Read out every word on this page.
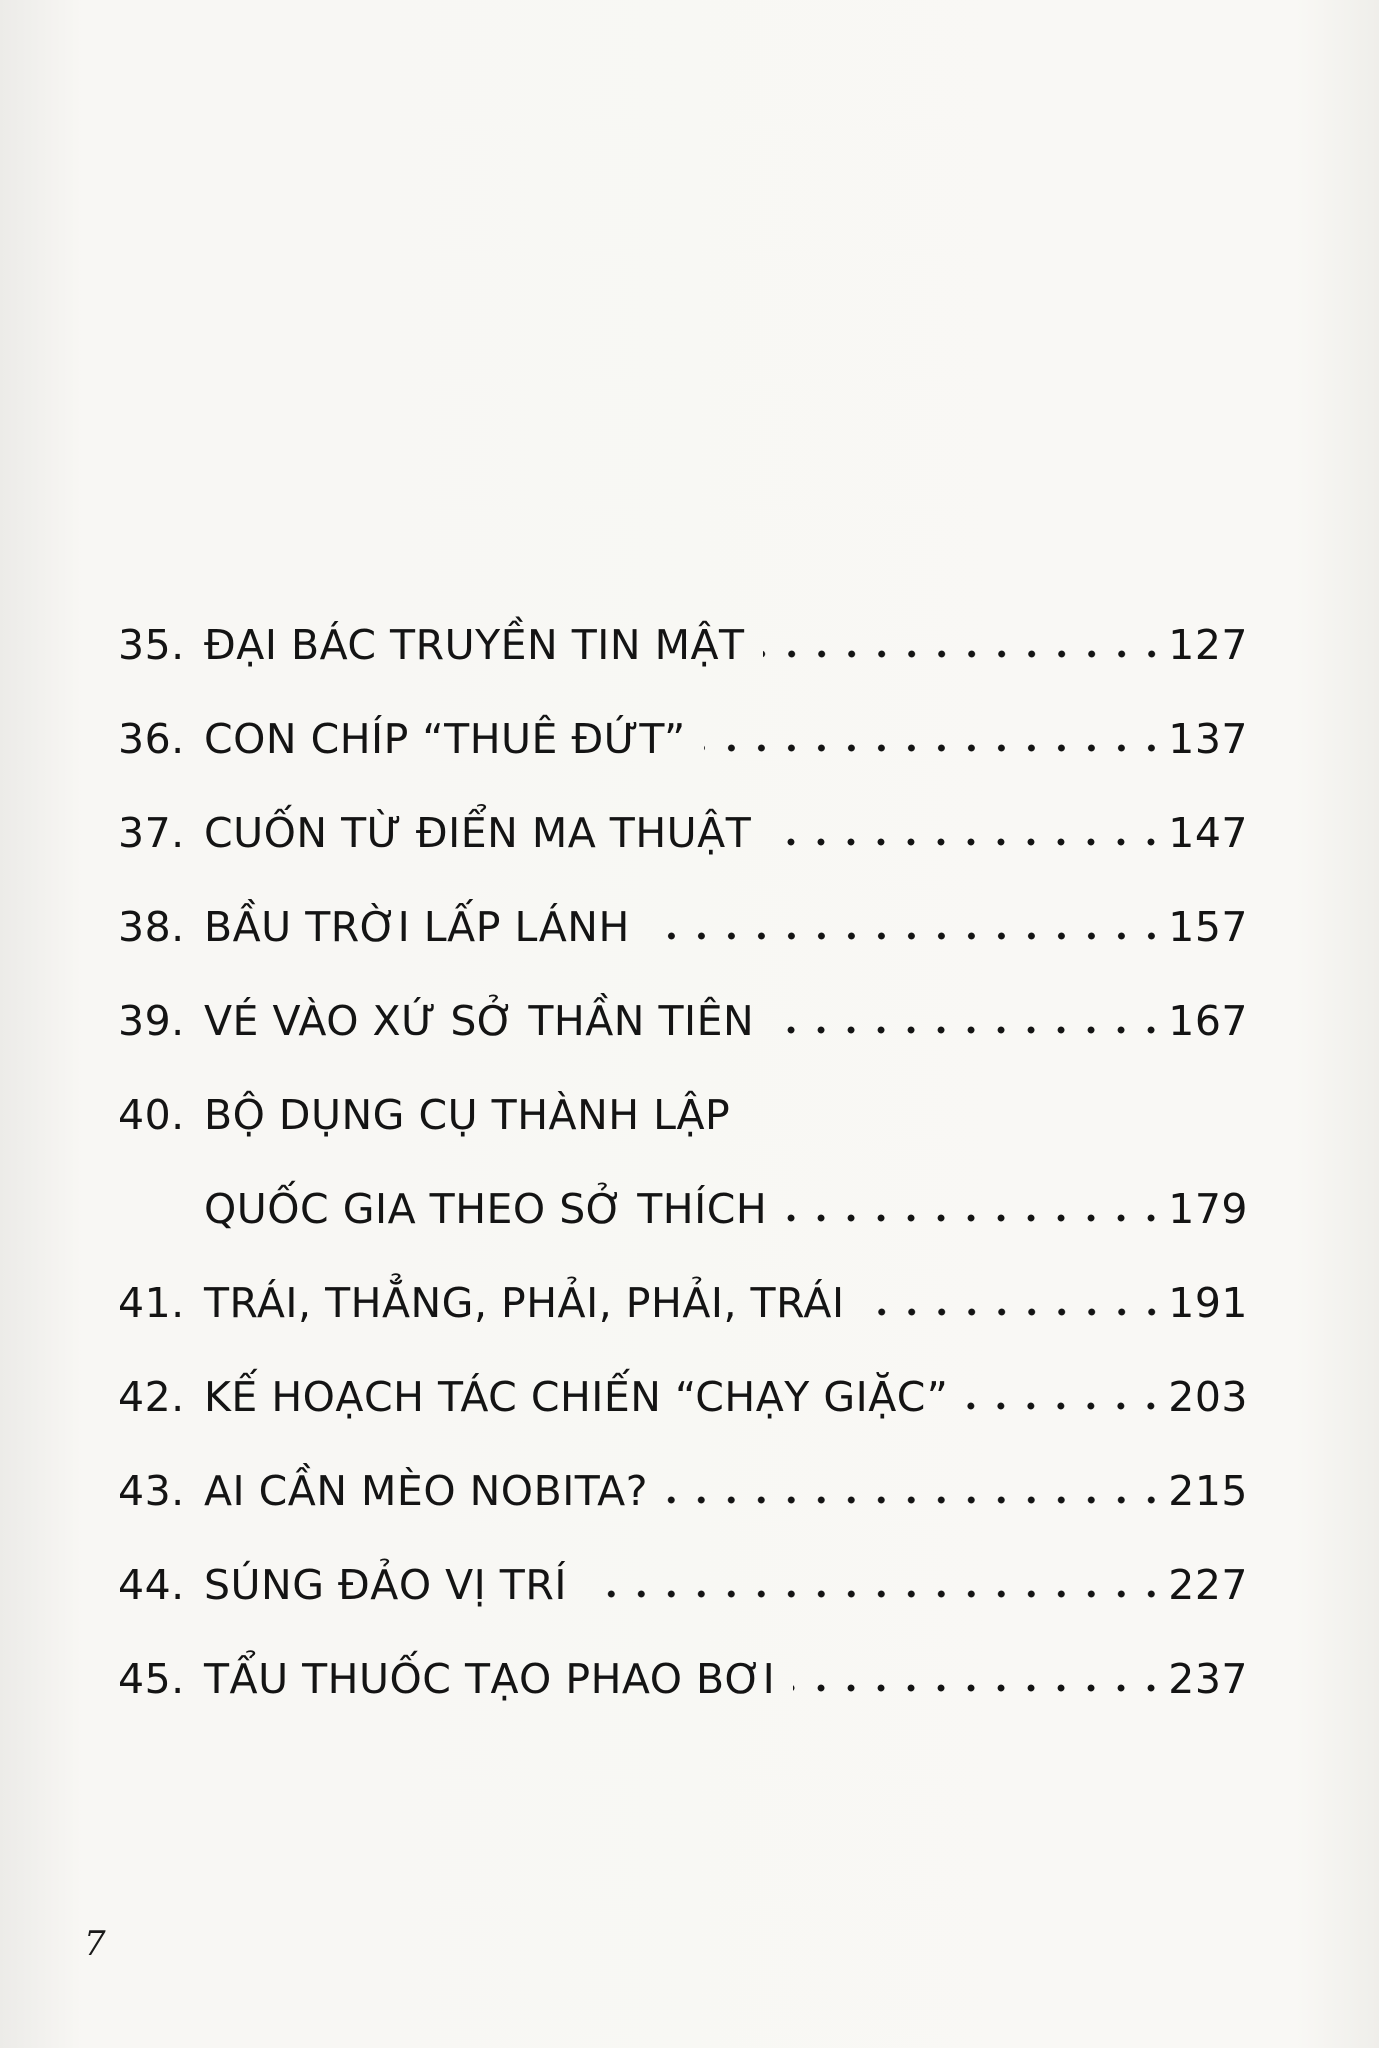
35. ĐẠI BÁC TRUYỀN TIN MẬT	127
36. CON CHÍP “THUÊ ĐỨT”	137
37. CUỐN TỪ ĐIỂN MA THUẬT	147
38. BẦU TRỜI LẤP LÁNH	157
39. VÉ VÀO XỨ SỞ THẦN TIÊN	167
40. BỘ DỤNG CỤ THÀNH LẬP
QUỐC GIA THEO SỞ THÍCH	179
41. TRÁI, THẲNG, PHẢI, PHẢI, TRÁI	191
42. KẾ HOẠCH TÁC CHIẾN “CHẠY GIẶC”	203
43. AI CẦN MÈO NOBITA?	215
44. SÚNG ĐẢO VỊ TRÍ	227
45. TẨU THUỐC TẠO PHAO BƠI	237
7
